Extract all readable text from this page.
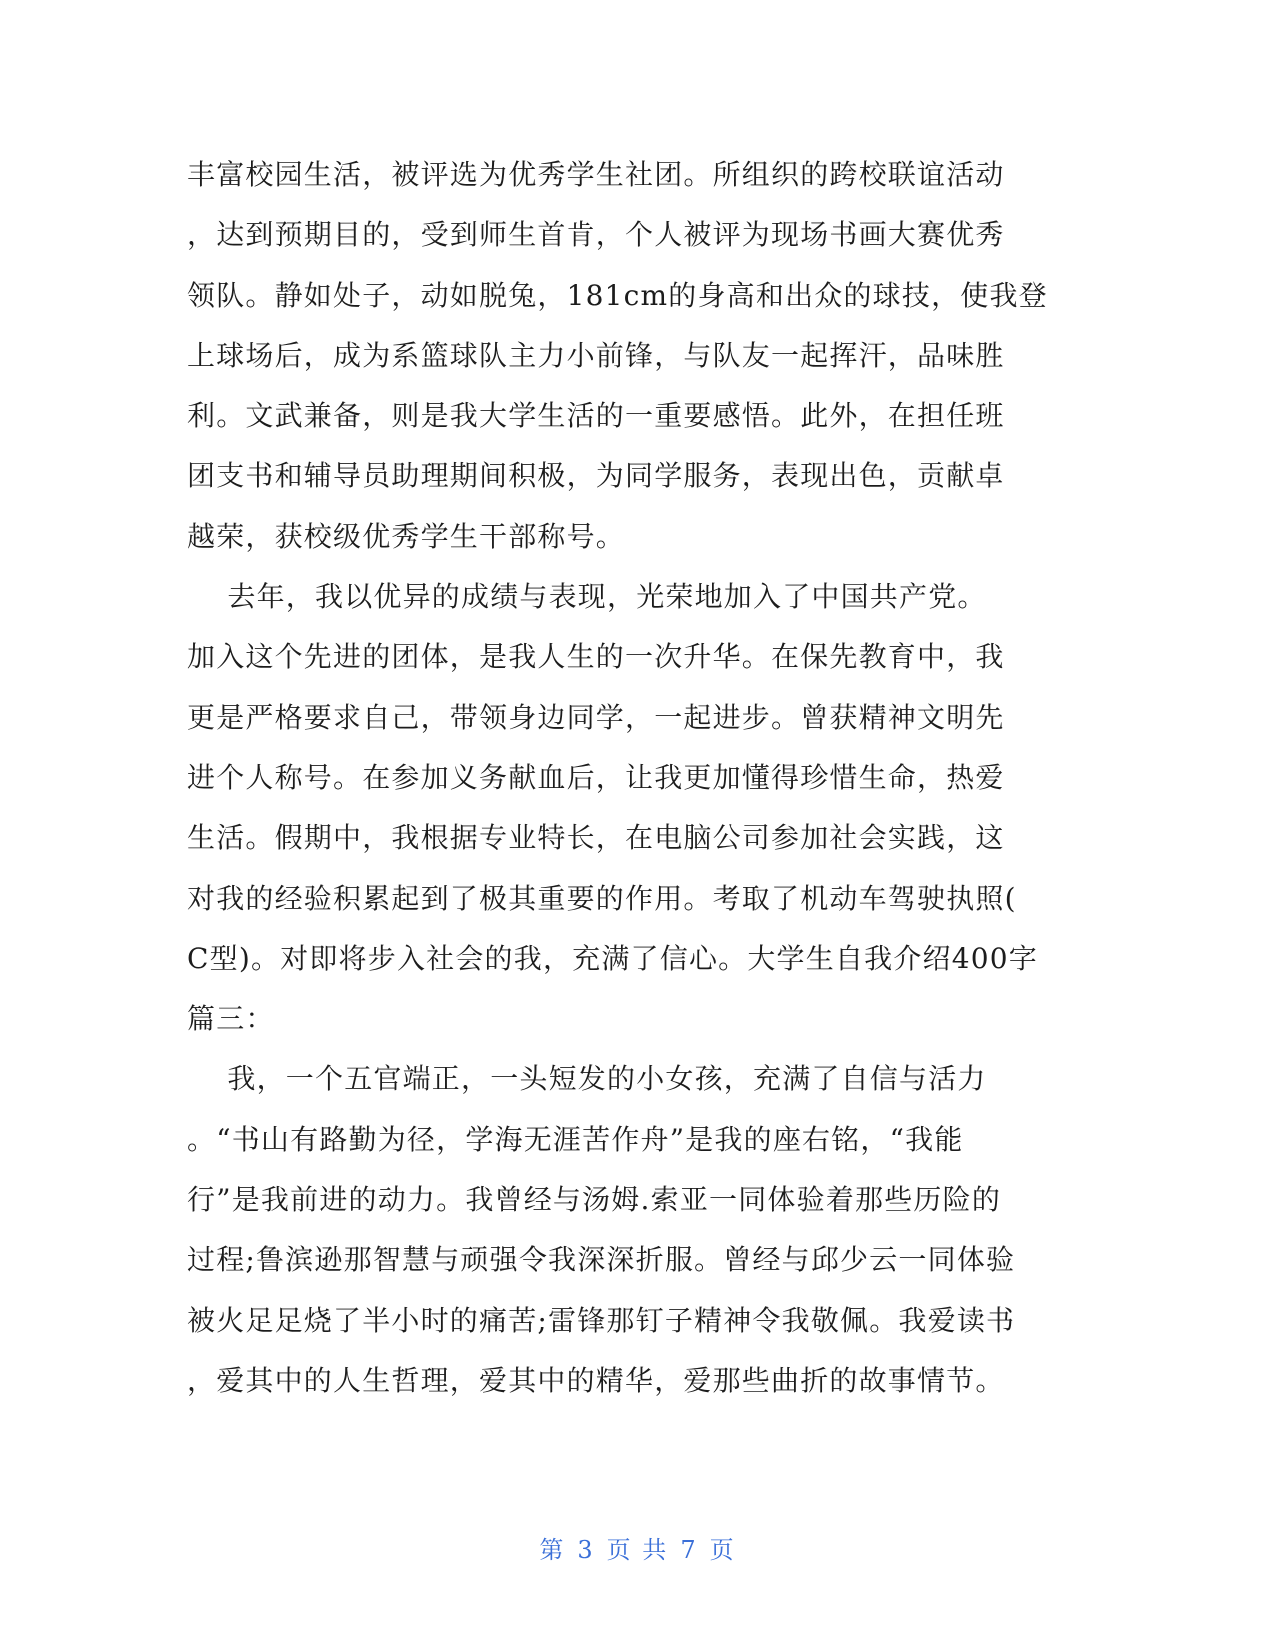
丰富校园生活，被评选为优秀学生社团。所组织的跨校联谊活动
，达到预期目的，受到师生首肯，个人被评为现场书画大赛优秀
领队。静如处子，动如脱兔，181cm的身高和出众的球技，使我登
上球场后，成为系篮球队主力小前锋，与队友一起挥汗，品味胜
利。文武兼备，则是我大学生活的一重要感悟。此外，在担任班
团支书和辅导员助理期间积极，为同学服务，表现出色，贡献卓
越荣，获校级优秀学生干部称号。
去年，我以优异的成绩与表现，光荣地加入了中国共产党。
加入这个先进的团体，是我人生的一次升华。在保先教育中，我
更是严格要求自己，带领身边同学，一起进步。曾获精神文明先
进个人称号。在参加义务献血后，让我更加懂得珍惜生命，热爱
生活。假期中，我根据专业特长，在电脑公司参加社会实践，这
对我的经验积累起到了极其重要的作用。考取了机动车驾驶执照(
C型)。对即将步入社会的我，充满了信心。大学生自我介绍400字
篇三：
我，一个五官端正，一头短发的小女孩，充满了自信与活力
。“书山有路勤为径，学海无涯苦作舟”是我的座右铭，“我能
行”是我前进的动力。我曾经与汤姆.索亚一同体验着那些历险的
过程;鲁滨逊那智慧与顽强令我深深折服。曾经与邱少云一同体验
被火足足烧了半小时的痛苦;雷锋那钉子精神令我敬佩。我爱读书
，爱其中的人生哲理，爱其中的精华，爱那些曲折的故事情节。
第 3 页 共 7 页
